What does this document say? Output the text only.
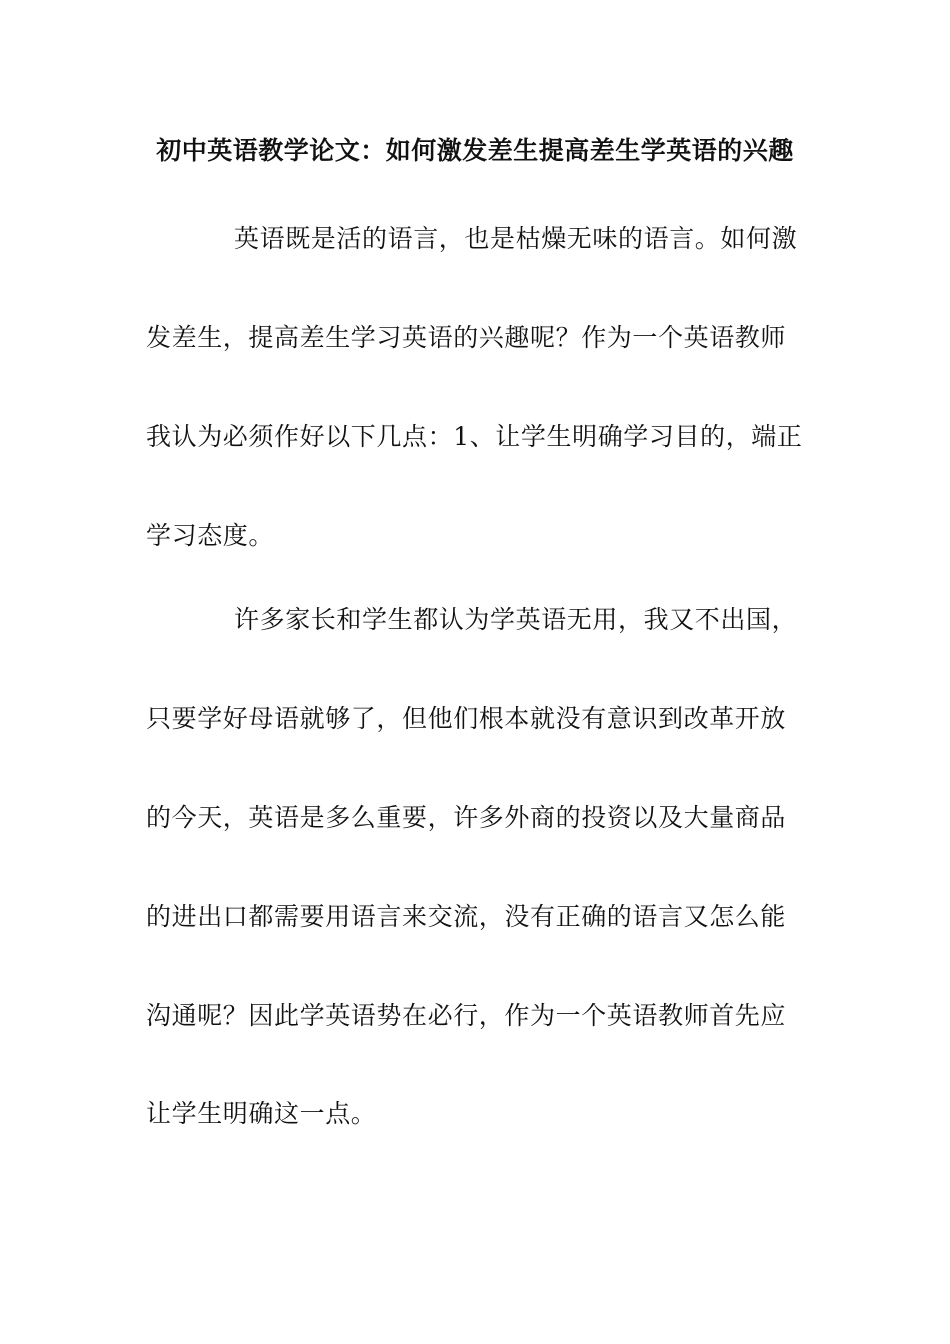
初中英语教学论文：如何激发差生提高差生学英语的兴趣
英语既是活的语言，也是枯燥无味的语言。如何激
发差生，提高差生学习英语的兴趣呢？作为一个英语教师
我认为必须作好以下几点：1、让学生明确学习目的，端正
学习态度。
许多家长和学生都认为学英语无用，我又不出国，
只要学好母语就够了，但他们根本就没有意识到改革开放
的今天，英语是多么重要，许多外商的投资以及大量商品
的进出口都需要用语言来交流，没有正确的语言又怎么能
沟通呢？因此学英语势在必行，作为一个英语教师首先应
让学生明确这一点。
